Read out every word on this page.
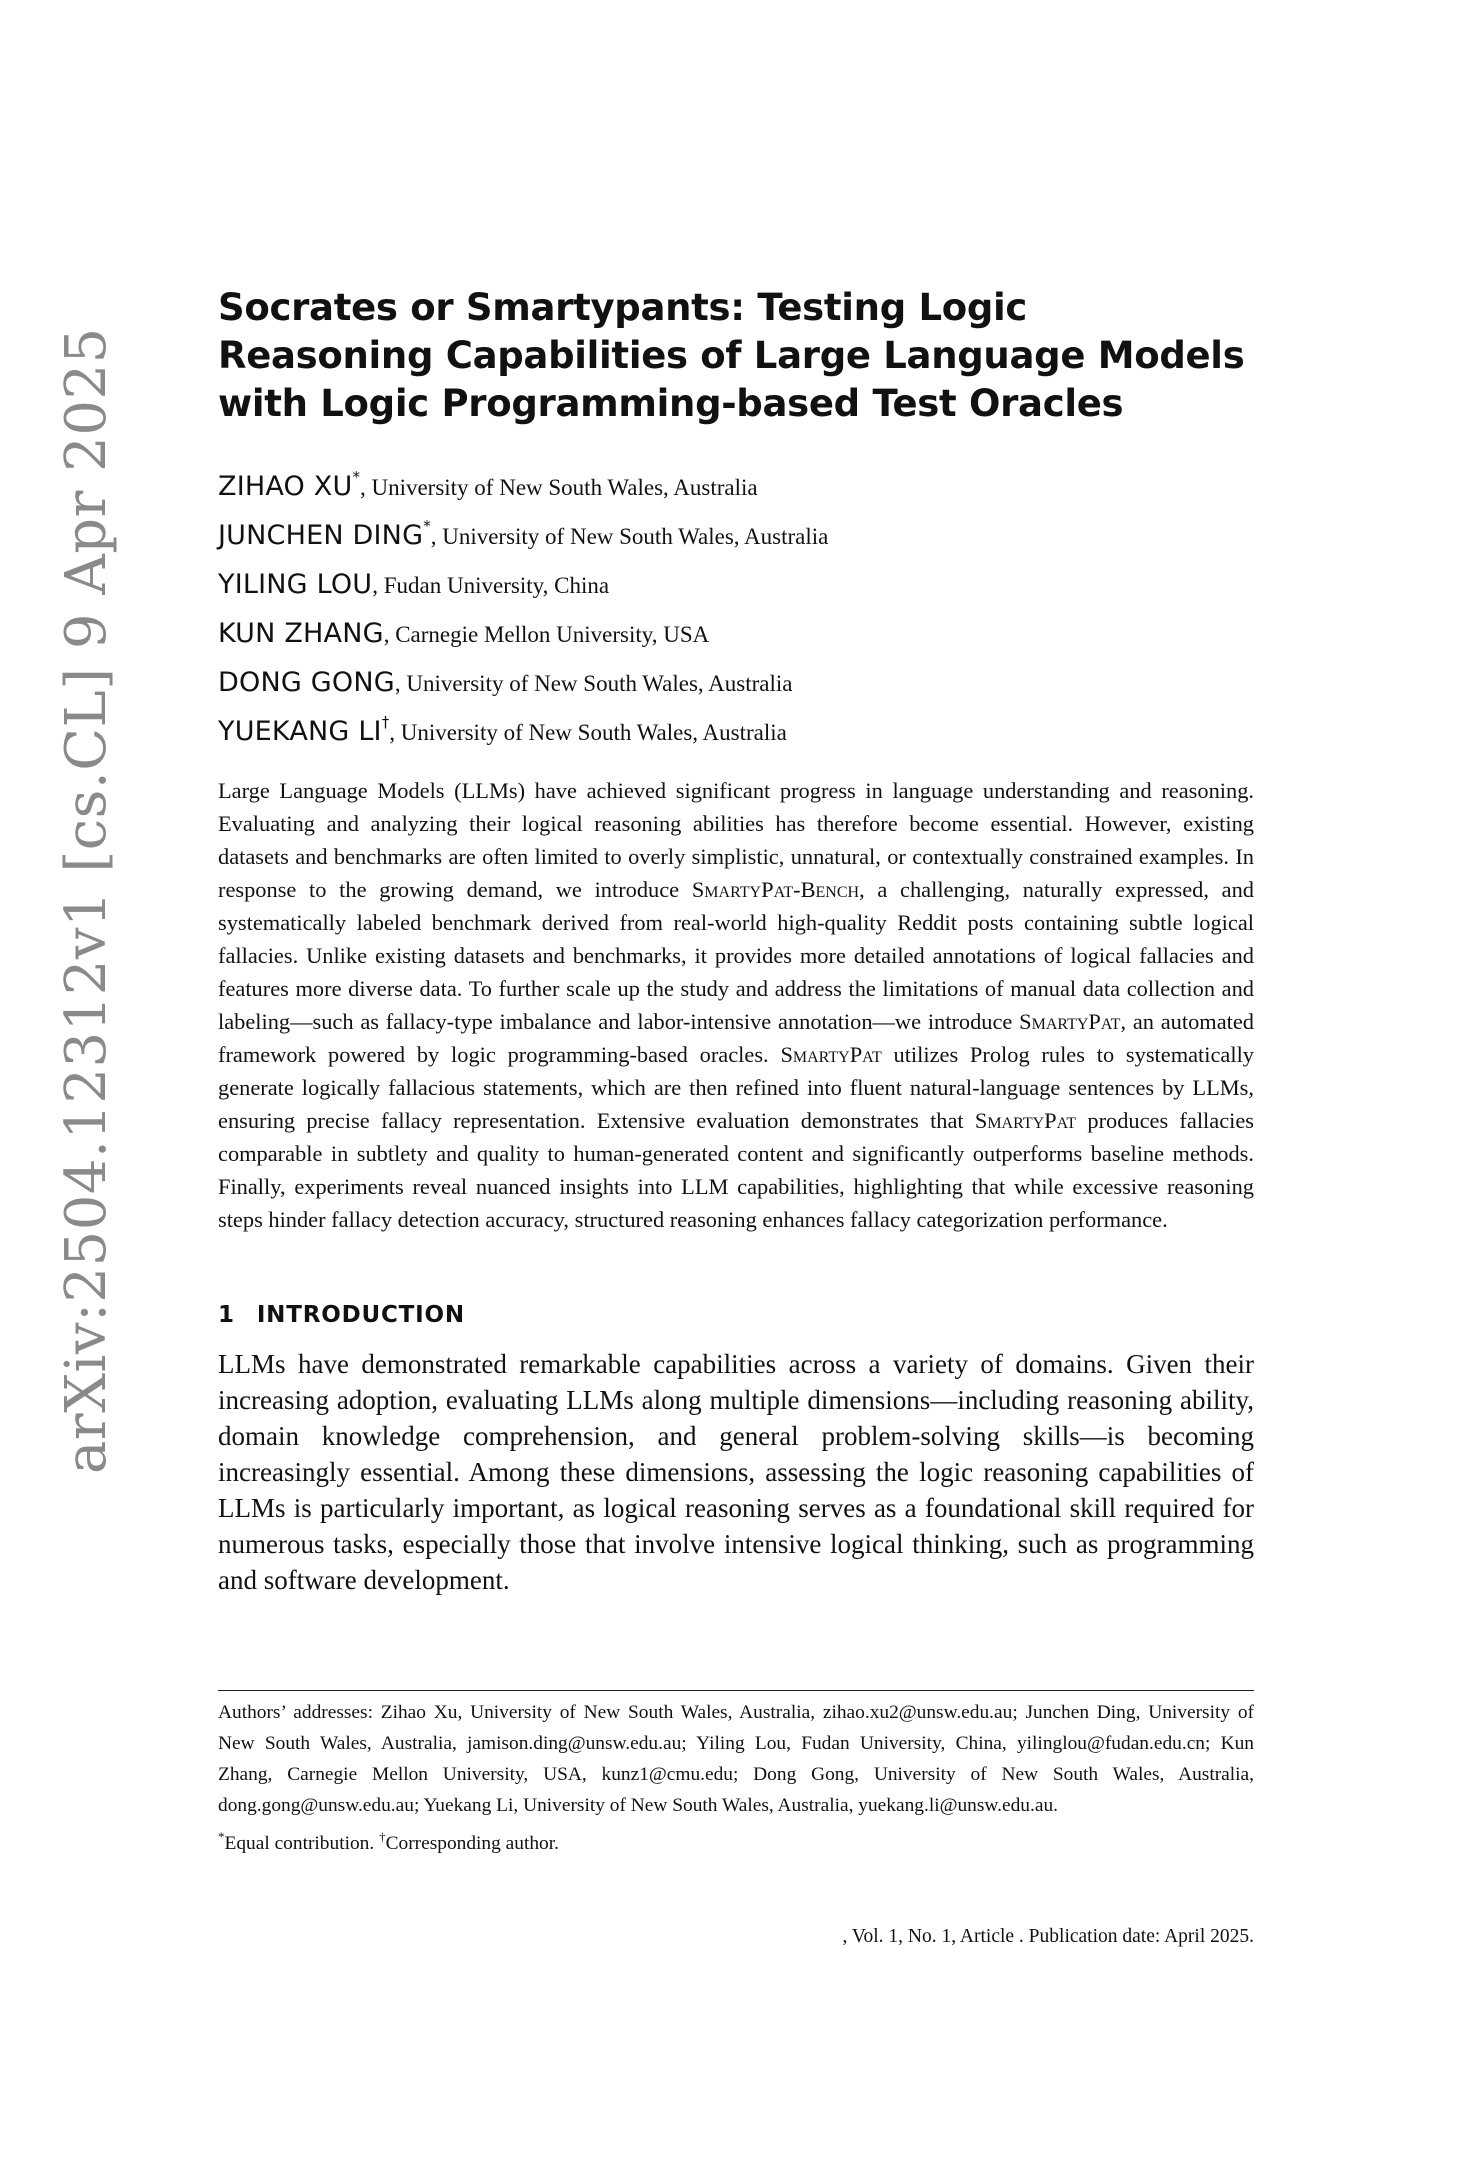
arXiv:2504.12312v1 [cs.CL] 9 Apr 2025
Socrates or Smartypants: Testing Logic Reasoning Capabilities of Large Language Models with Logic Programming-based Test Oracles
ZIHAO XU*, University of New South Wales, Australia
JUNCHEN DING*, University of New South Wales, Australia
YILING LOU, Fudan University, China
KUN ZHANG, Carnegie Mellon University, USA
DONG GONG, University of New South Wales, Australia
YUEKANG LI†, University of New South Wales, Australia

Large Language Models (LLMs) have achieved significant progress in language understanding and reasoning. Evaluating and analyzing their logical reasoning abilities has therefore become essential. However, existing datasets and benchmarks are often limited to overly simplistic, unnatural, or contextually constrained examples. In response to the growing demand, we introduce SmartyPat-Bench, a challenging, naturally expressed, and systematically labeled benchmark derived from real-world high-quality Reddit posts containing subtle logical fallacies. Unlike existing datasets and benchmarks, it provides more detailed annotations of logical fallacies and features more diverse data. To further scale up the study and address the limitations of manual data collection and labeling—such as fallacy-type imbalance and labor-intensive annotation—we introduce SmartyPat, an automated framework powered by logic programming-based oracles. SmartyPat utilizes Prolog rules to systematically generate logically fallacious statements, which are then refined into fluent natural-language sentences by LLMs, ensuring precise fallacy representation. Extensive evaluation demonstrates that SmartyPat produces fallacies comparable in subtlety and quality to human-generated content and significantly outperforms baseline methods. Finally, experiments reveal nuanced insights into LLM capabilities, highlighting that while excessive reasoning steps hinder fallacy detection accuracy, structured reasoning enhances fallacy categorization performance.

1 INTRODUCTION

LLMs have demonstrated remarkable capabilities across a variety of domains. Given their increasing adoption, evaluating LLMs along multiple dimensions—including reasoning ability, domain knowledge comprehension, and general problem-solving skills—is becoming increasingly essential. Among these dimensions, assessing the logic reasoning capabilities of LLMs is particularly important, as logical reasoning serves as a foundational skill required for numerous tasks, especially those that involve intensive logical thinking, such as programming and software development.

Authors’ addresses: Zihao Xu, University of New South Wales, Australia, zihao.xu2@unsw.edu.au; Junchen Ding, University of New South Wales, Australia, jamison.ding@unsw.edu.au; Yiling Lou, Fudan University, China, yilinglou@fudan.edu.cn; Kun Zhang, Carnegie Mellon University, USA, kunz1@cmu.edu; Dong Gong, University of New South Wales, Australia, dong.gong@unsw.edu.au; Yuekang Li, University of New South Wales, Australia, yuekang.li@unsw.edu.au.

*Equal contribution. †Corresponding author.

, Vol. 1, No. 1, Article . Publication date: April 2025.
